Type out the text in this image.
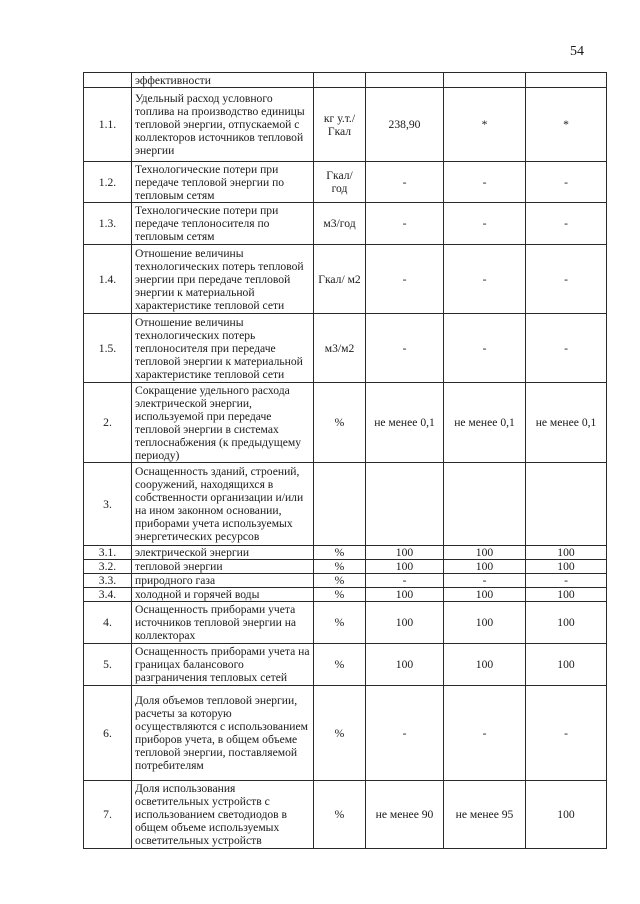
54
	эффективности				
1.1.	Удельный расход условного топлива на производство единицы тепловой энергии, отпускаемой с коллекторов источников тепловой энергии	кг у.т./ Гкал	238,90	*	*
1.2.	Технологические потери при передаче тепловой энергии по тепловым сетям	Гкал/ год	-	-	-
1.3.	Технологические потери при передаче теплоносителя по тепловым сетям	м3/год	-	-	-
1.4.	Отношение величины технологических потерь тепловой энергии при передаче тепловой энергии к материальной характеристике тепловой сети	Гкал/ м2	-	-	-
1.5.	Отношение величины технологических потерь теплоносителя при передаче тепловой энергии к материальной характеристике тепловой сети	м3/м2	-	-	-
2.	Сокращение удельного расхода электрической энергии, используемой при передаче тепловой энергии в системах теплоснабжения (к предыдущему периоду)	%	не менее 0,1	не менее 0,1	не менее 0,1
3.	Оснащенность зданий, строений, сооружений, находящихся в собственности организации и/или на ином законном основании, приборами учета используемых энергетических ресурсов				
3.1.	электрической энергии	%	100	100	100
3.2.	тепловой энергии	%	100	100	100
3.3.	природного газа	%	-	-	-
3.4.	холодной и горячей воды	%	100	100	100
4.	Оснащенность приборами учета источников тепловой энергии на коллекторах	%	100	100	100
5.	Оснащенность приборами учета на границах балансового разграничения тепловых сетей	%	100	100	100
6.	Доля объемов тепловой энергии, расчеты за которую осуществляются с использованием приборов учета, в общем объеме тепловой энергии, поставляемой потребителям	%	-	-	-
7.	Доля использования осветительных устройств с использованием светодиодов в общем объеме используемых осветительных устройств	%	не менее 90	не менее 95	100
